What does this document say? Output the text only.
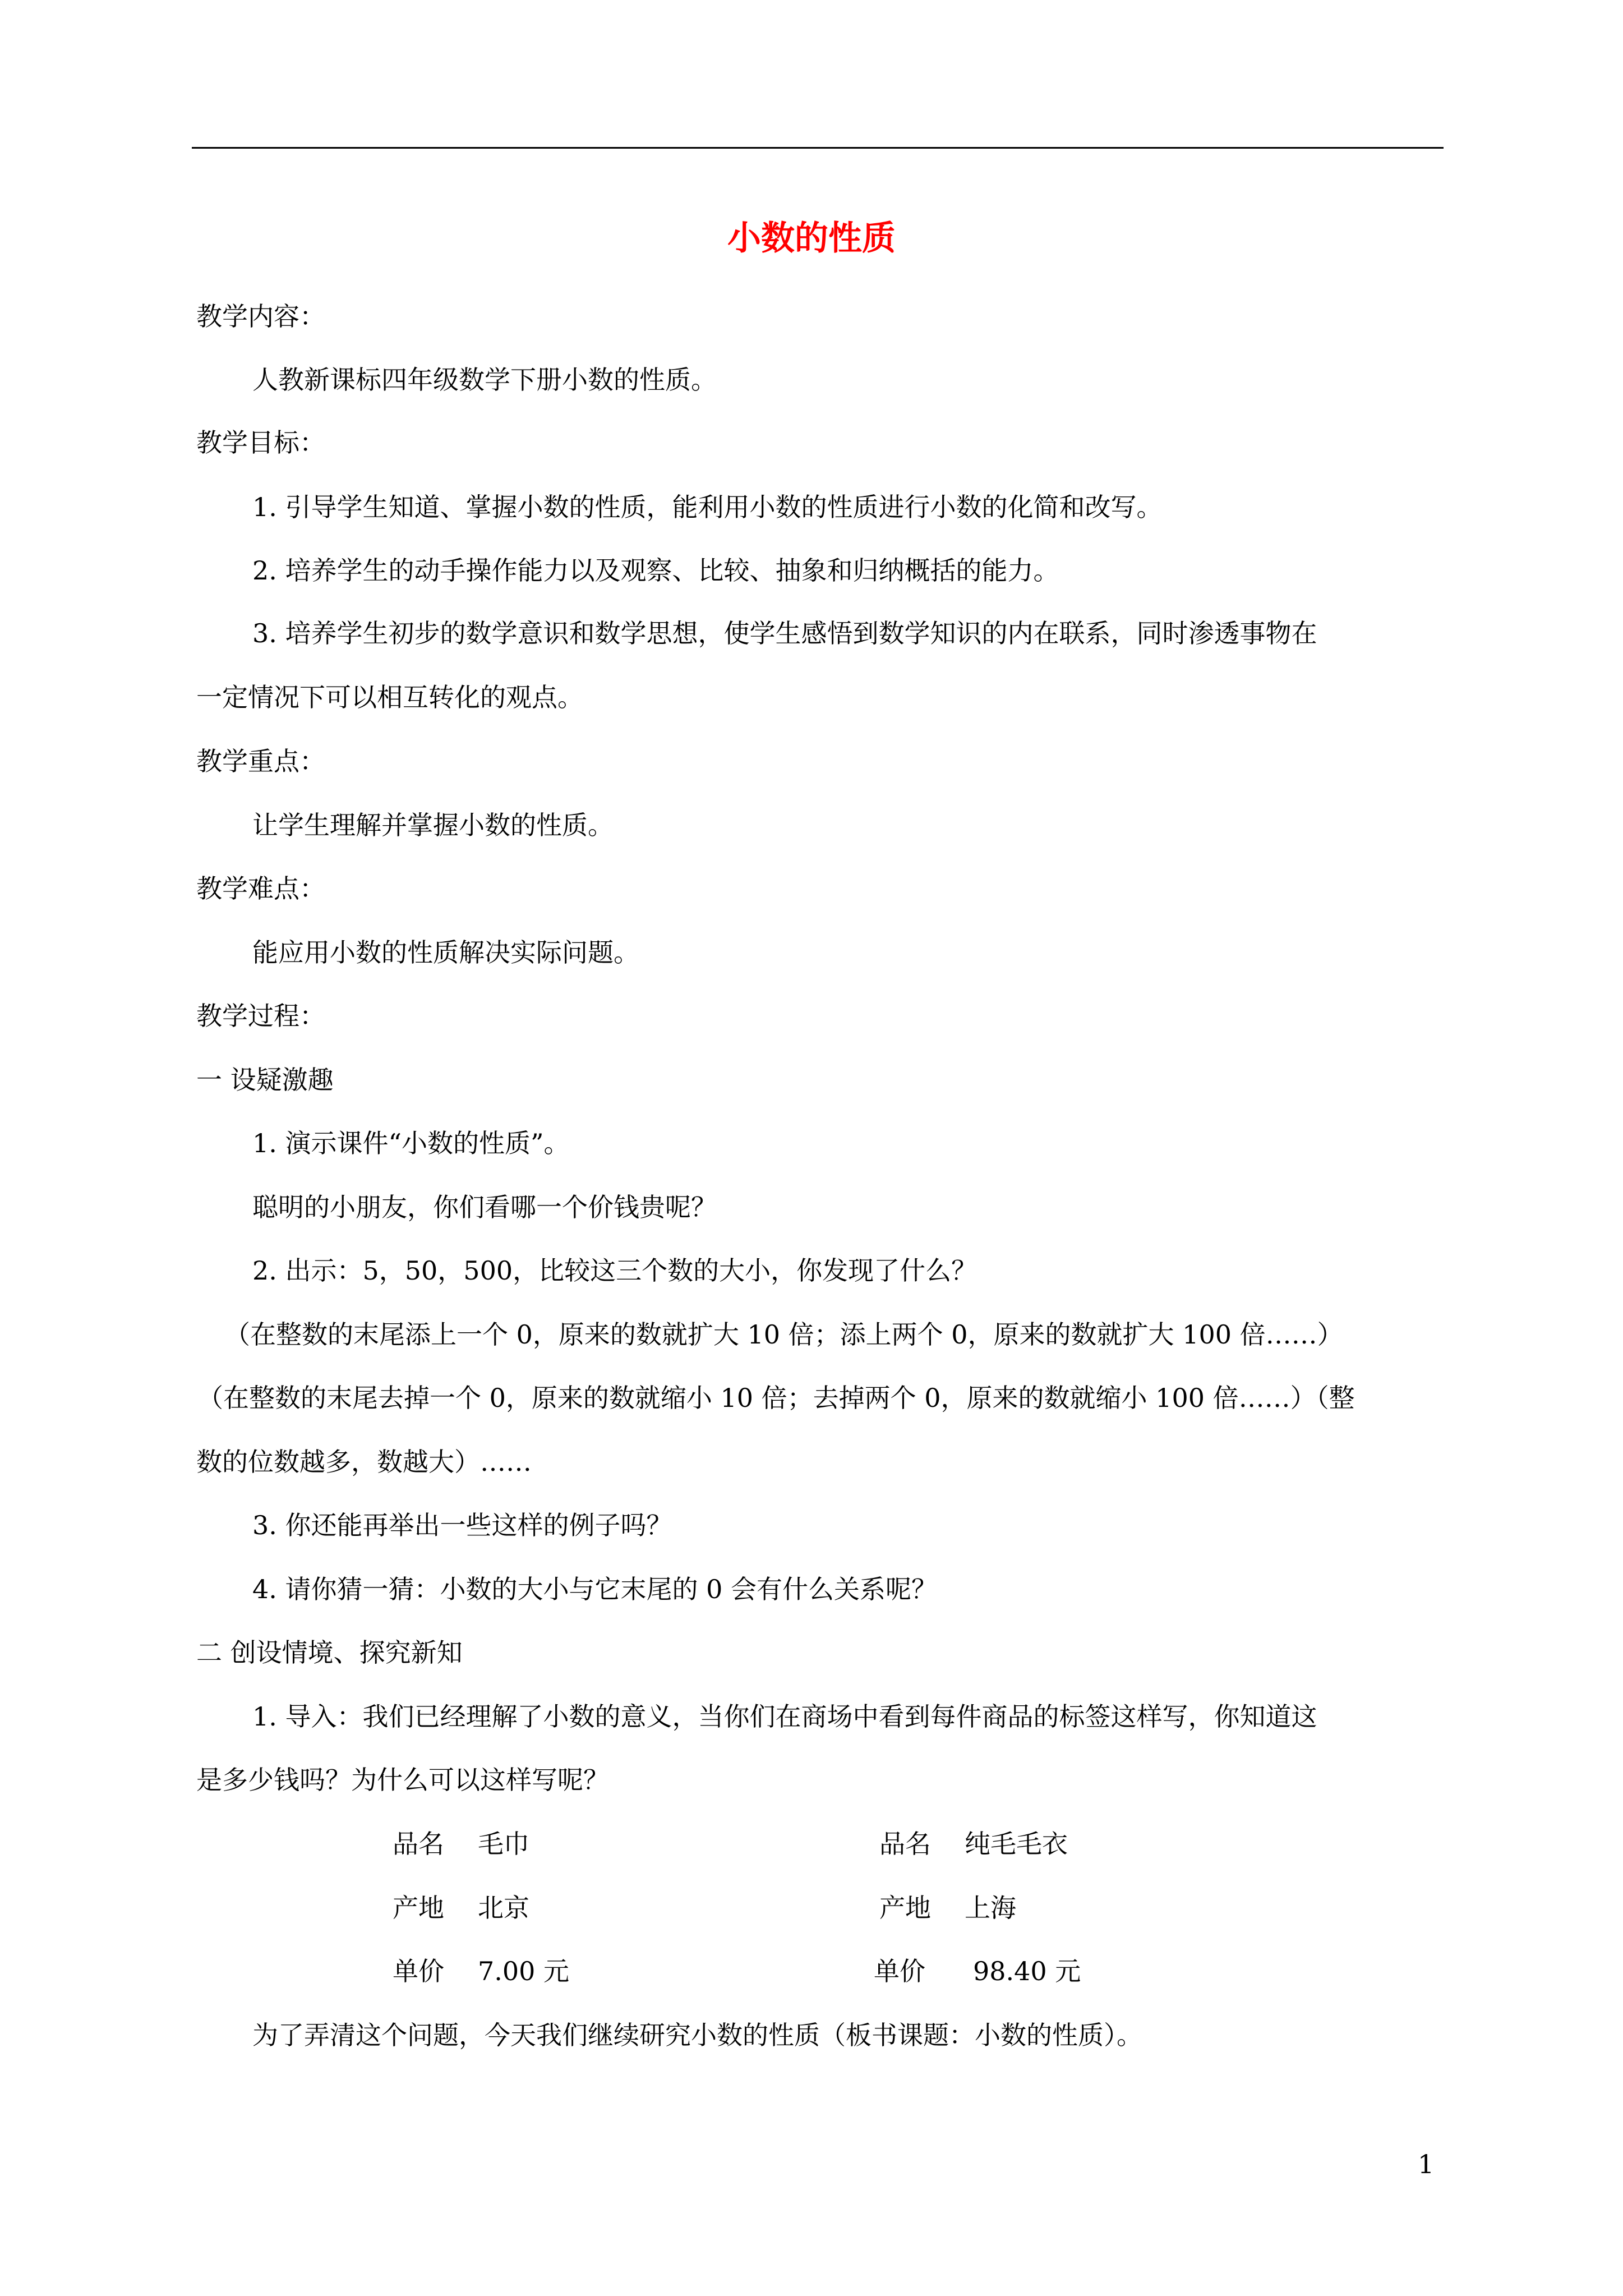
小数的性质
教学内容：
人教新课标四年级数学下册小数的性质。
教学目标：
1. 引导学生知道、掌握小数的性质，能利用小数的性质进行小数的化简和改写。
2. 培养学生的动手操作能力以及观察、比较、抽象和归纳概括的能力。
3. 培养学生初步的数学意识和数学思想，使学生感悟到数学知识的内在联系，同时渗透事物在
一定情况下可以相互转化的观点。
教学重点：
让学生理解并掌握小数的性质。
教学难点：
能应用小数的性质解决实际问题。
教学过程：
一 设疑激趣
1. 演示课件“小数的性质”。
聪明的小朋友，你们看哪一个价钱贵呢？
2. 出示：5，50，500，比较这三个数的大小，你发现了什么？
（在整数的末尾添上一个 0，原来的数就扩大 10 倍；添上两个 0，原来的数就扩大 100 倍……）
（在整数的末尾去掉一个 0，原来的数就缩小 10 倍；去掉两个 0，原来的数就缩小 100 倍……）（整
数的位数越多，数越大）……
3. 你还能再举出一些这样的例子吗？
4. 请你猜一猜：小数的大小与它末尾的 0 会有什么关系呢？
二 创设情境、探究新知
1. 导入：我们已经理解了小数的意义，当你们在商场中看到每件商品的标签这样写，你知道这
是多少钱吗？为什么可以这样写呢？
品名 毛巾
产地 北京
单价 7.00 元
品名 纯毛毛衣
产地 上海
单价 98.40 元
为了弄清这个问题，今天我们继续研究小数的性质（板书课题：小数的性质）。
1
